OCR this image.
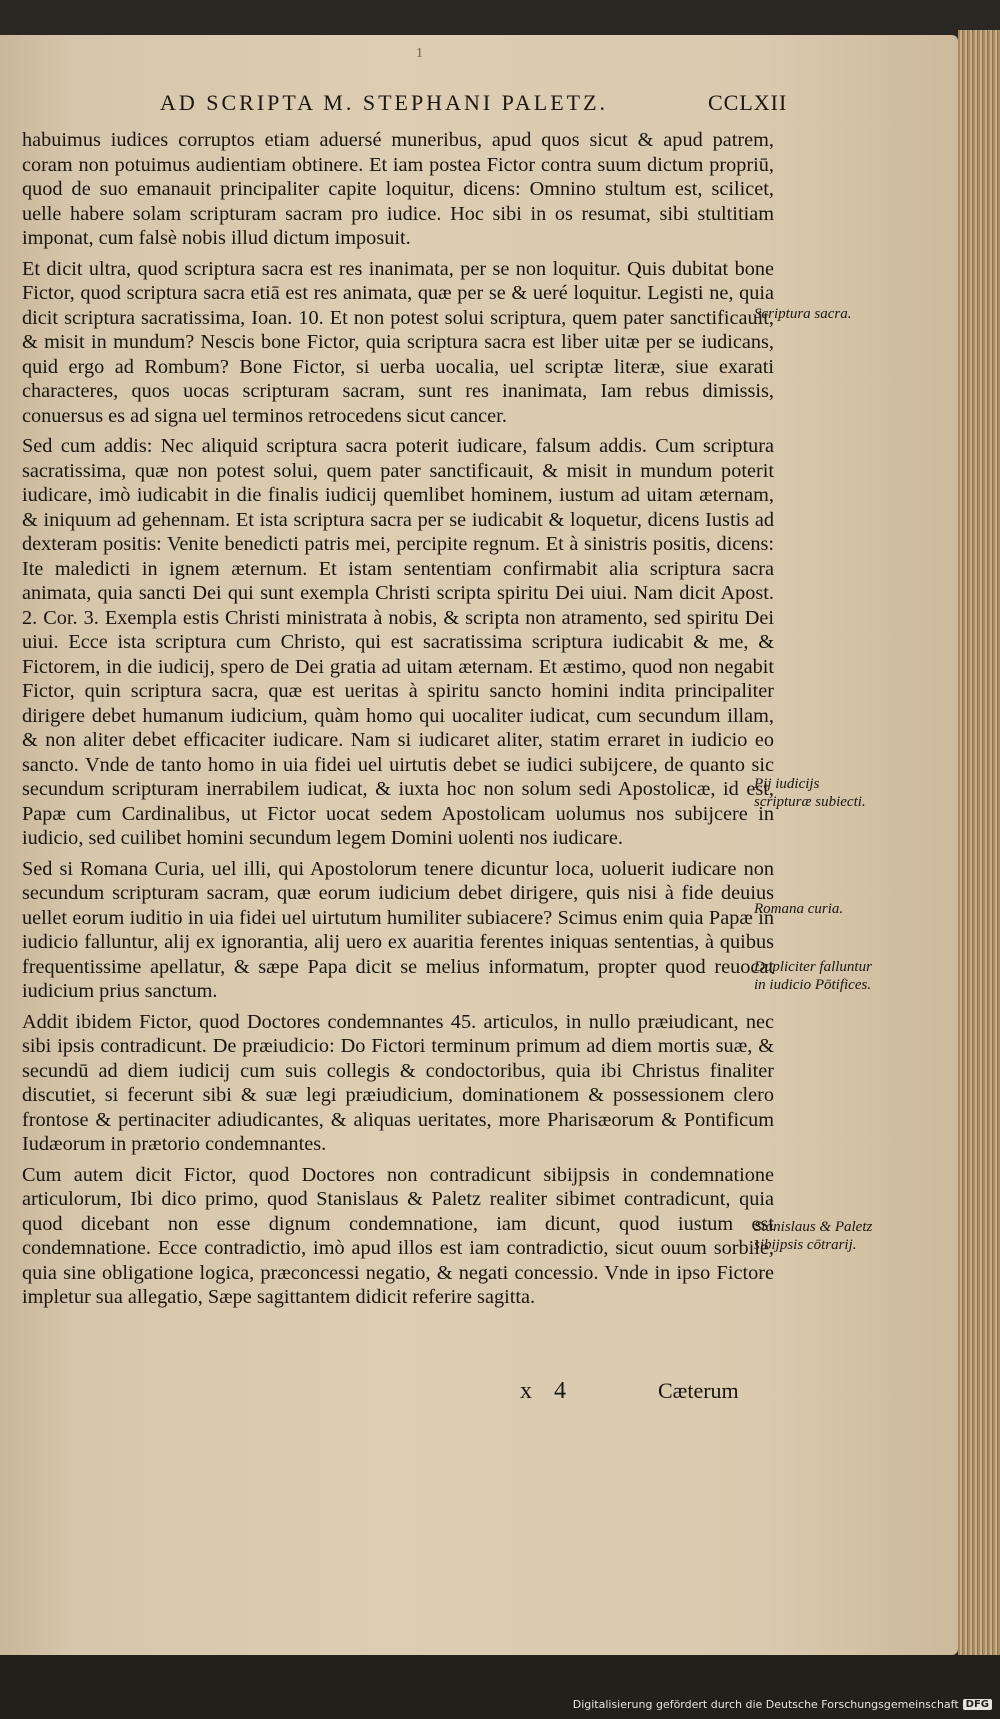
1
AD SCRIPTA M. STEPHANI PALETZ.	CCLXII

habuimus iudices corruptos etiam aduersé muneribus, apud quos sicut & apud patrem, coram non potuimus audientiam obtinere. Et iam postea Fictor contra suum dictum propriū, quod de suo emanauit principaliter capite loquitur, dicens: Omnino stultum est, scilicet, uelle habere solam scripturam sacram pro iudice. Hoc sibi in os resumat, sibi stultitiam imponat, cum falsè nobis illud dictum imposuit.

Et dicit ultra, quod scriptura sacra est res inanimata, per se non loquitur. Quis dubitat bone Fictor, quod scriptura sacra etiā est res animata, quæ per se & ueré loquitur. Legisti ne, quia dicit scriptura sacratissima, Ioan. 10. Et non potest solui scriptura, quem pater sanctificauit, & misit in mundum? Nescis bone Fictor, quia scriptura sacra est liber uitæ per se iudicans, quid ergo ad Rombum? Bone Fictor, si uerba uocalia, uel scriptæ literæ, siue exarati characteres, quos uocas scripturam sacram, sunt res inanimata, Iam rebus dimissis, conuersus es ad signa uel terminos retrocedens sicut cancer.

Sed cum addis: Nec aliquid scriptura sacra poterit iudicare, falsum addis. Cum scriptura sacratissima, quæ non potest solui, quem pater sanctificauit, & misit in mundum poterit iudicare, imò iudicabit in die finalis iudicij quemlibet hominem, iustum ad uitam æternam, & iniquum ad gehennam. Et ista scriptura sacra per se iudicabit & loquetur, dicens Iustis ad dexteram positis: Venite benedicti patris mei, percipite regnum. Et à sinistris positis, dicens: Ite maledicti in ignem æternum. Et istam sententiam confirmabit alia scriptura sacra animata, quia sancti Dei qui sunt exempla Christi scripta spiritu Dei uiui. Nam dicit Apost. 2. Cor. 3. Exempla estis Christi ministrata à nobis, & scripta non atramento, sed spiritu Dei uiui. Ecce ista scriptura cum Christo, qui est sacratissima scriptura iudicabit & me, & Fictorem, in die iudicij, spero de Dei gratia ad uitam æternam. Et æstimo, quod non negabit Fictor, quin scriptura sacra, quæ est ueritas à spiritu sancto homini indita principaliter dirigere debet humanum iudicium, quàm homo qui uocaliter iudicat, cum secundum illam, & non aliter debet efficaciter iudicare. Nam si iudicaret aliter, statim erraret in iudicio eo sancto. Vnde de tanto homo in uia fidei uel uirtutis debet se iudici subijcere, de quanto sic secundum scripturam inerrabilem iudicat, & iuxta hoc non solum sedi Apostolicæ, id est, Papæ cum Cardinalibus, ut Fictor uocat sedem Apostolicam uolumus nos subijcere in iudicio, sed cuilibet homini secundum legem Domini uolenti nos iudicare.

Sed si Romana Curia, uel illi, qui Apostolorum tenere dicuntur loca, uoluerit iudicare non secundum scripturam sacram, quæ eorum iudicium debet dirigere, quis nisi à fide deuius uellet eorum iuditio in uia fidei uel uirtutum humiliter subiacere? Scimus enim quia Papæ in iudicio falluntur, alij ex ignorantia, alij uero ex auaritia ferentes iniquas sententias, à quibus frequentissime apellatur, & sæpe Papa dicit se melius informatum, propter quod reuocat iudicium prius sanctum.

Addit ibidem Fictor, quod Doctores condemnantes 45. articulos, in nullo præiudicant, nec sibi ipsis contradicunt. De præiudicio: Do Fictori terminum primum ad diem mortis suæ, & secundū ad diem iudicij cum suis collegis & condoctoribus, quia ibi Christus finaliter discutiet, si fecerunt sibi & suæ legi præiudicium, dominationem & possessionem clero frontose & pertinaciter adiudicantes, & aliquas ueritates, more Pharisæorum & Pontificum Iudæorum in prætorio condemnantes.

Cum autem dicit Fictor, quod Doctores non contradicunt sibijpsis in condemnatione articulorum, Ibi dico primo, quod Stanislaus & Paletz realiter sibimet contradicunt, quia quod dicebant non esse dignum condemnatione, iam dicunt, quod iustum est condemnatione. Ecce contradictio, imò apud illos est iam contradictio, sicut ouum sorbile, quia sine obligatione logica, præconcessi negatio, & negati concessio. Vnde in ipso Fictore impletur sua allegatio, Sæpe sagittantem didicit referire sagitta.

Scriptura sacra.
Pij iudicijs scripturæ subiecti.
Romana curia.
Dupliciter falluntur in iudicio Pōtifices.
Stanislaus & Paletz sibijpsis cōtrarij.
x 4	Cæterum
Digitalisierung gefördert durch die Deutsche Forschungsgemeinschaft DFG
